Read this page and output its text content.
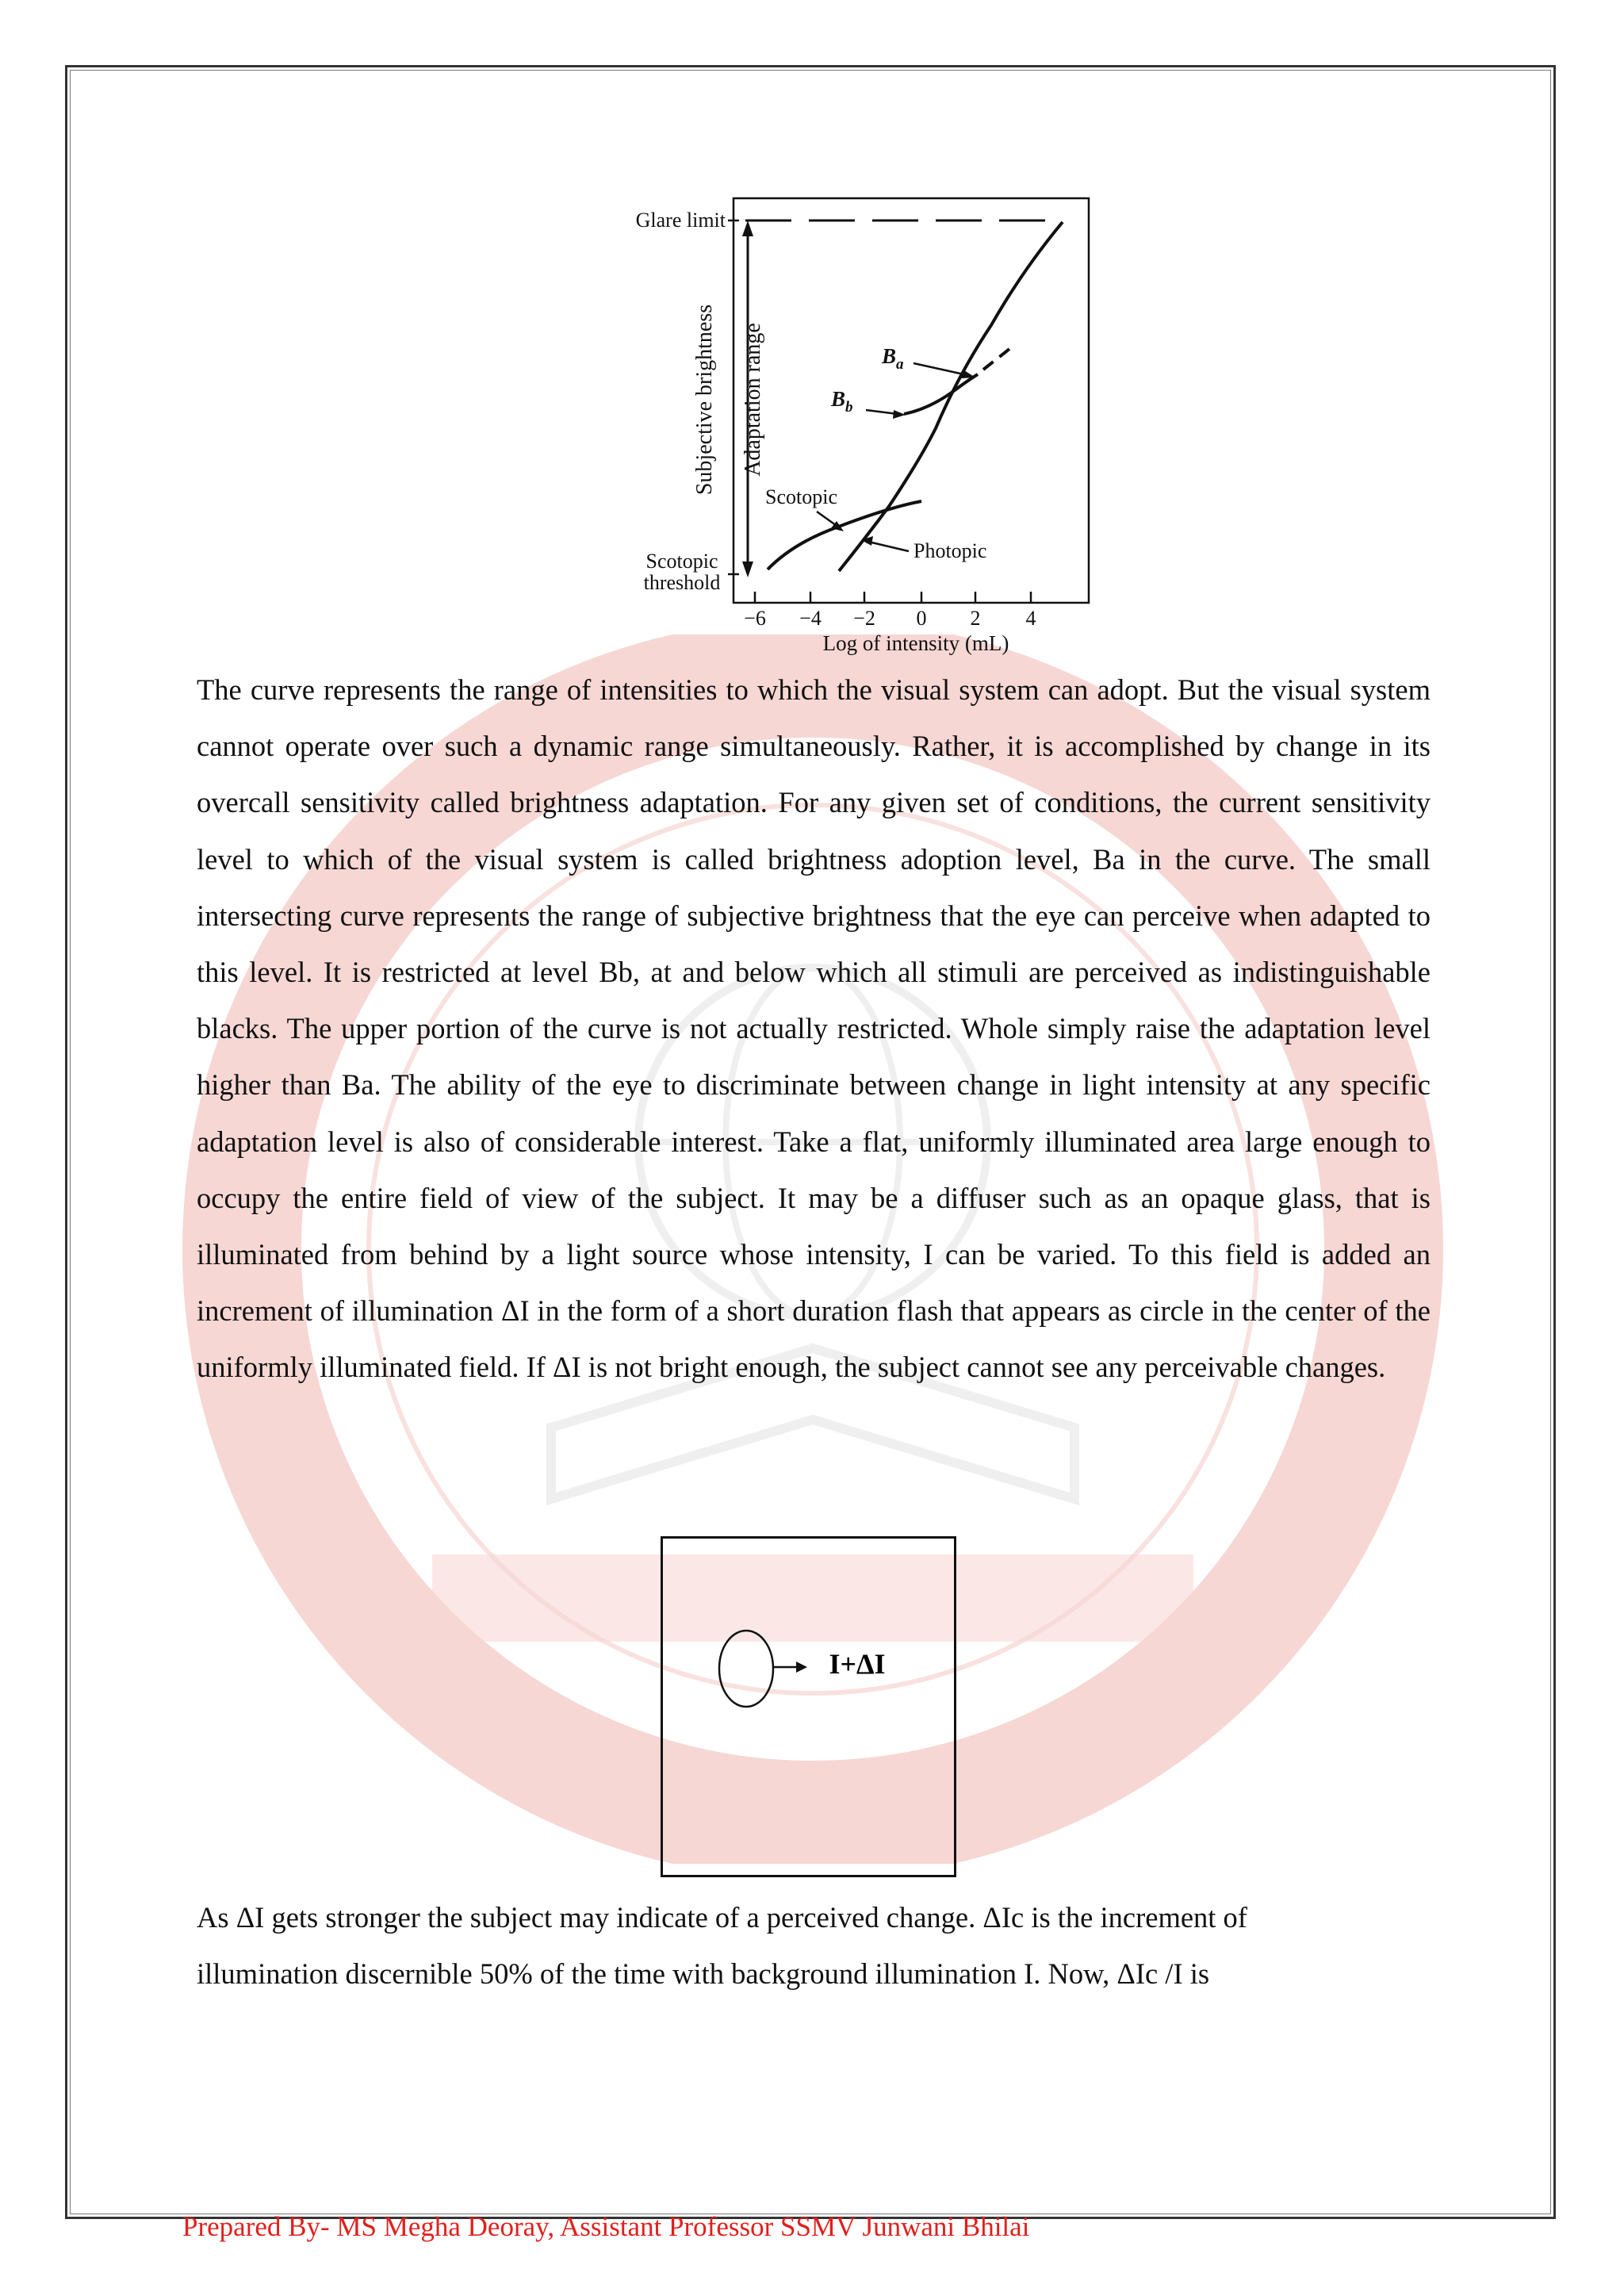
Glare limit
Subjective brightness Adaptation range
Scotopic
threshold
$B_a$
$B_b$
Scotopic
Photopic
−6 −4 −2 0 2 4
Log of intensity (mL)

The curve represents the range of intensities to which the visual system can adopt. But the visual system cannot operate over such a dynamic range simultaneously. Rather, it is accomplished by change in its overcall sensitivity called brightness adaptation. For any given set of conditions, the current sensitivity level to which of the visual system is called brightness adoption level, Ba in the curve. The small intersecting curve represents the range of subjective brightness that the eye can perceive when adapted to this level. It is restricted at level Bb, at and below which all stimuli are perceived as indistinguishable blacks. The upper portion of the curve is not actually restricted. Whole simply raise the adaptation level higher than Ba. The ability of the eye to discriminate between change in light intensity at any specific adaptation level is also of considerable interest. Take a flat, uniformly illuminated area large enough to occupy the entire field of view of the subject. It may be a diffuser such as an opaque glass, that is illuminated from behind by a light source whose intensity, I can be varied. To this field is added an increment of illumination ΔI in the form of a short duration flash that appears as circle in the center of the uniformly illuminated field. If ΔI is not bright enough, the subject cannot see any perceivable changes.

I+ΔI

As ΔI gets stronger the subject may indicate of a perceived change. ΔIc is the increment of
illumination discernible 50% of the time with background illumination I. Now, ΔIc /I is

Prepared By- MS Megha Deoray, Assistant Professor SSMV Junwani Bhilai
